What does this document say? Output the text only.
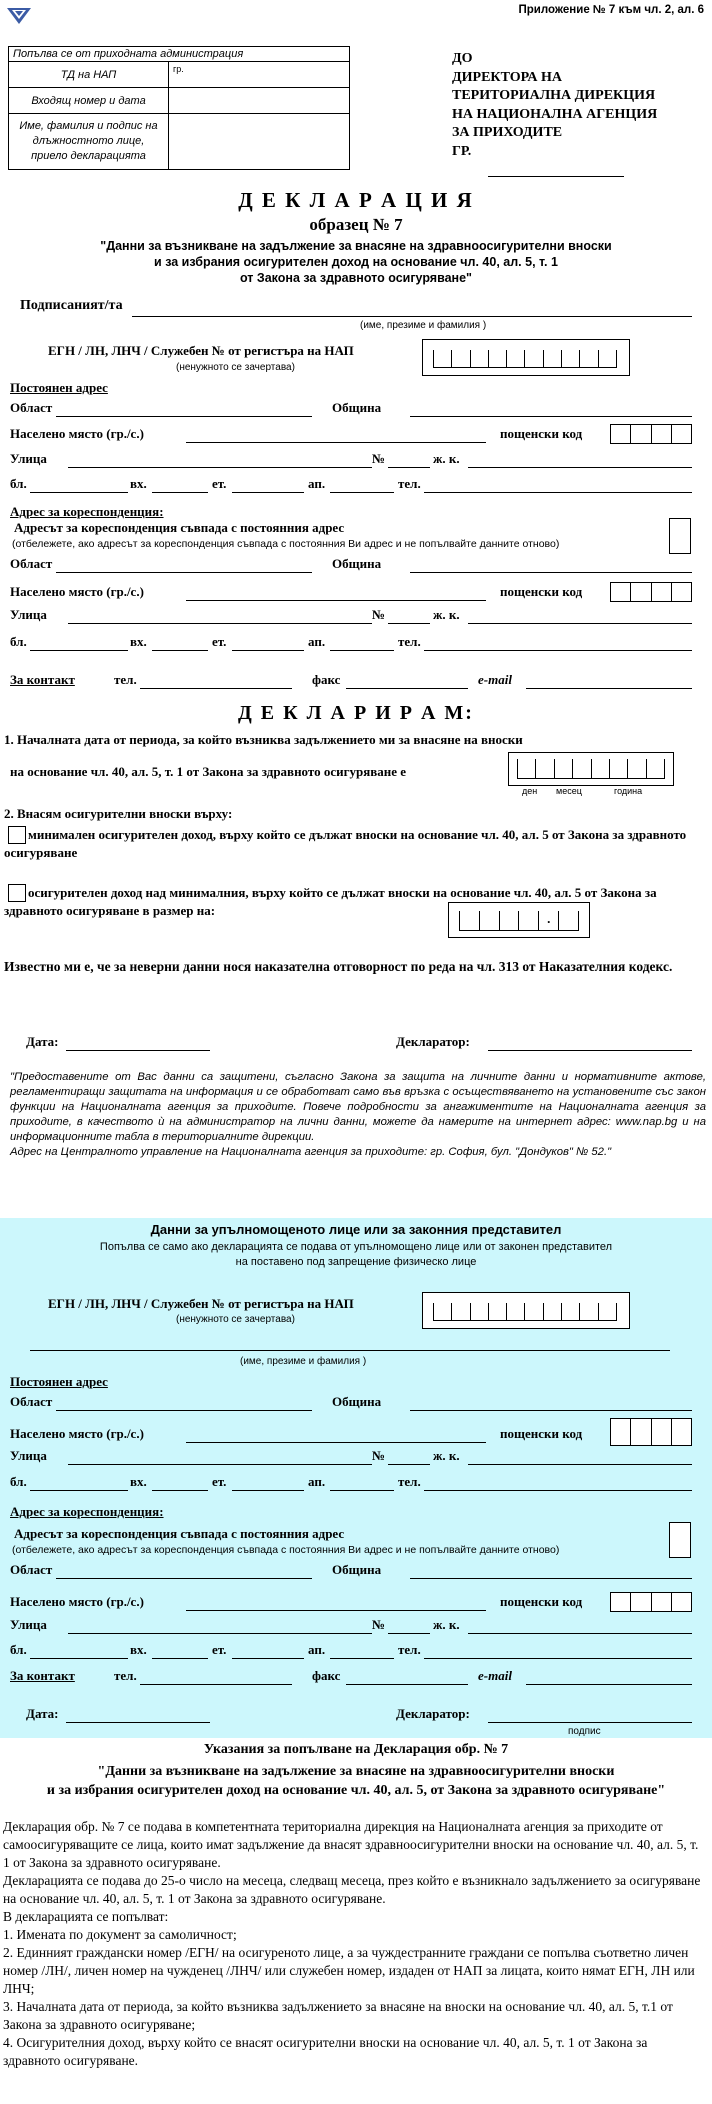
Приложение № 7 към чл. 2, ал. 6
Попълва се от приходната администрация	
ТД на НАП	гр.
Входящ номер и дата	
Име, фамилия и подпис на длъжностното лице, приело декларацията	
ДО
ДИРЕКТОРА НА
ТЕРИТОРИАЛНА ДИРЕКЦИЯ
НА НАЦИОНАЛНА АГЕНЦИЯ
ЗА ПРИХОДИТЕ
ГР.
Д Е К Л А Р А Ц И Я
образец № 7
"Данни за възникване на задължение за внасяне на здравноосигурителни вноски
и за избрания осигурителен доход на основание чл. 40, ал. 5, т. 1
от Закона за здравното осигуряване"
Подписаният/та
(име, презиме и фамилия )
ЕГН / ЛН, ЛНЧ / Служебен № от регистъра на НАП
(ненужното се зачертава)
Постоянен адрес
Област	Община
Населено място (гр./с.)	пощенски код
Улица	№	ж. к.
бл.	вх.	ет.	ап.	тел.
Адрес за кореспонденция:
Адресът за кореспонденция съвпада с постоянния адрес
(отбележете, ако адресът за кореспонденция съвпада с постоянния Ви адрес и не попълвайте данните отново)
Област	Община
Населено място (гр./с.)	пощенски код
Улица	№	ж. к.
бл.	вх.	ет.	ап.	тел.
За контакт	тел.	факс	e-mail
Д Е К Л А Р И Р А М:
1. Началната дата от периода, за който възниква задължението ми за внасяне на вноски
на основание чл. 40, ал. 5, т. 1 от Закона за здравното осигуряване е
ден месец	година
2. Внасям осигурителни вноски върху:
минимален осигурителен доход, върху който се дължат вноски на основание чл. 40, ал. 5 от Закона за здравното осигуряване
осигурителен доход над минималния, върху който се дължат вноски на основание чл. 40, ал. 5 от Закона за здравното осигуряване в размер на:
.
Известно ми е, че за неверни данни нося наказателна отговорност по реда на чл. 313 от Наказателния кодекс.
Дата:	Декларатор:
"Предоставените от Вас данни са защитени, съгласно Закона за защита на личните данни и нормативните актове, регламентиращи защитата на информация и се обработват само във връзка с осъществяването на установените със закон функции на Националната агенция за приходите. Повече подробности за ангажиментите на Националната агенция за приходите, в качеството ѝ на администратор на лични данни, можете да намерите на интернет адрес: www.nap.bg и на информационните табла в териториалните дирекции.
Адрес на Централното управление на Националната агенция за приходите: гр. София, бул. "Дондуков" № 52."
Данни за упълномощеното лице или за законния представител
Попълва се само ако декларацията се подава от упълномощено лице или от законен представител
на поставено под запрещение физическо лице
ЕГН / ЛН, ЛНЧ / Служебен № от регистъра на НАП
(ненужното се зачертава)
(име, презиме и фамилия )
Постоянен адрес
Област	Община
Населено място (гр./с.)	пощенски код
Улица	№	ж. к.
бл.	вх.	ет.	ап.	тел.
Адрес за кореспонденция:
Адресът за кореспонденция съвпада с постоянния адрес
(отбележете, ако адресът за кореспонденция съвпада с постоянния Ви адрес и не попълвайте данните отново)
Област	Община
Населено място (гр./с.)	пощенски код
Улица	№	ж. к.
бл.	вх.	ет.	ап.	тел.
За контакт	тел.	факс	e-mail
Дата:	Декларатор:
подпис
Указания за попълване на Декларация обр. № 7
"Данни за възникване на задължение за внасяне на здравноосигурителни вноски
и за избрания осигурителен доход на основание чл. 40, ал. 5, от Закона за здравното осигуряване"
Декларация обр. № 7 се подава в компетентната териториална дирекция на Националната агенция за приходите от самоосигуряващите се лица, които имат задължение да внасят здравноосигурителни вноски на основание чл. 40, ал. 5, т. 1 от Закона за здравното осигуряване.
Декларацията се подава до 25-о число на месеца, следващ месеца, през който е възникнало задължението за осигуряване на основание чл. 40, ал. 5, т. 1 от Закона за здравното осигуряване.
В декларацията се попълват:
1. Имената по документ за самоличност;
2. Единният граждански номер /ЕГН/ на осигуреното лице, а за чуждестранните граждани се попълва съответно личен номер /ЛН/, личен номер на чужденец /ЛНЧ/ или служебен номер, издаден от НАП за лицата, които нямат ЕГН, ЛН или ЛНЧ;
3. Началната дата от периода, за който възниква задължението за внасяне на вноски на основание чл. 40, ал. 5, т.1 от Закона за здравното осигуряване;
4. Осигурителния доход, върху който се внасят осигурителни вноски на основание чл. 40, ал. 5, т. 1 от Закона за здравното осигуряване.
